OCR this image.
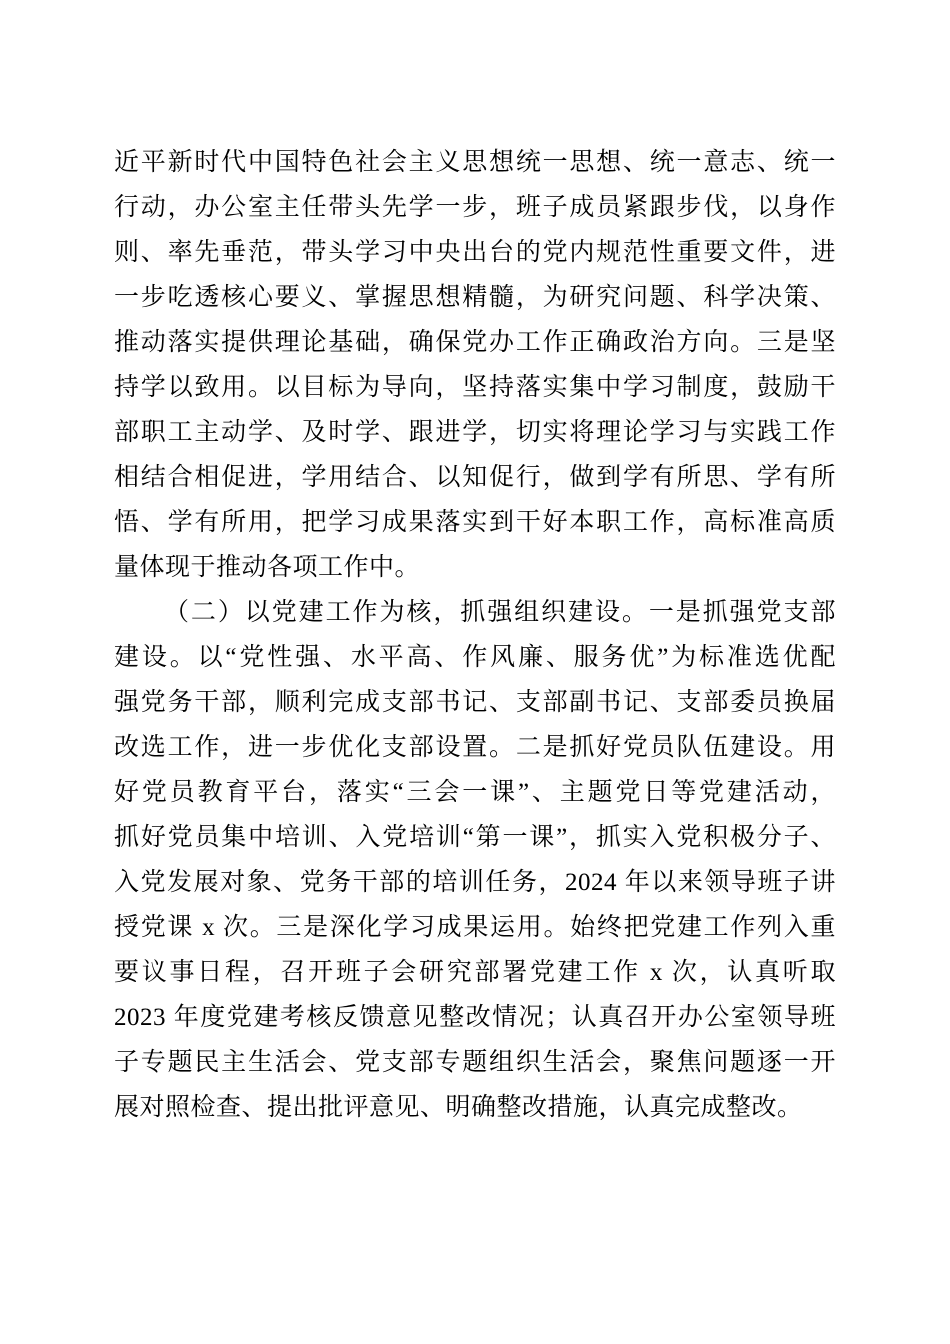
近平新时代中国特色社会主义思想统一思想、统一意志、统一
行动，办公室主任带头先学一步，班子成员紧跟步伐，以身作
则、率先垂范，带头学习中央出台的党内规范性重要文件，进
一步吃透核心要义、掌握思想精髓，为研究问题、科学决策、
推动落实提供理论基础，确保党办工作正确政治方向。三是坚
持学以致用。以目标为导向，坚持落实集中学习制度，鼓励干
部职工主动学、及时学、跟进学，切实将理论学习与实践工作
相结合相促进，学用结合、以知促行，做到学有所思、学有所
悟、学有所用，把学习成果落实到干好本职工作，高标准高质
量体现于推动各项工作中。
（二）以党建工作为核，抓强组织建设。一是抓强党支部
建设。以“党性强、水平高、作风廉、服务优”为标准选优配
强党务干部，顺利完成支部书记、支部副书记、支部委员换届
改选工作，进一步优化支部设置。二是抓好党员队伍建设。用
好党员教育平台，落实“三会一课”、主题党日等党建活动，
抓好党员集中培训、入党培训“第一课”，抓实入党积极分子、
入党发展对象、党务干部的培训任务，2024 年以来领导班子讲
授党课 x 次。三是深化学习成果运用。始终把党建工作列入重
要议事日程，召开班子会研究部署党建工作 x 次，认真听取
2023 年度党建考核反馈意见整改情况；认真召开办公室领导班
子专题民主生活会、党支部专题组织生活会，聚焦问题逐一开
展对照检查、提出批评意见、明确整改措施，认真完成整改。
